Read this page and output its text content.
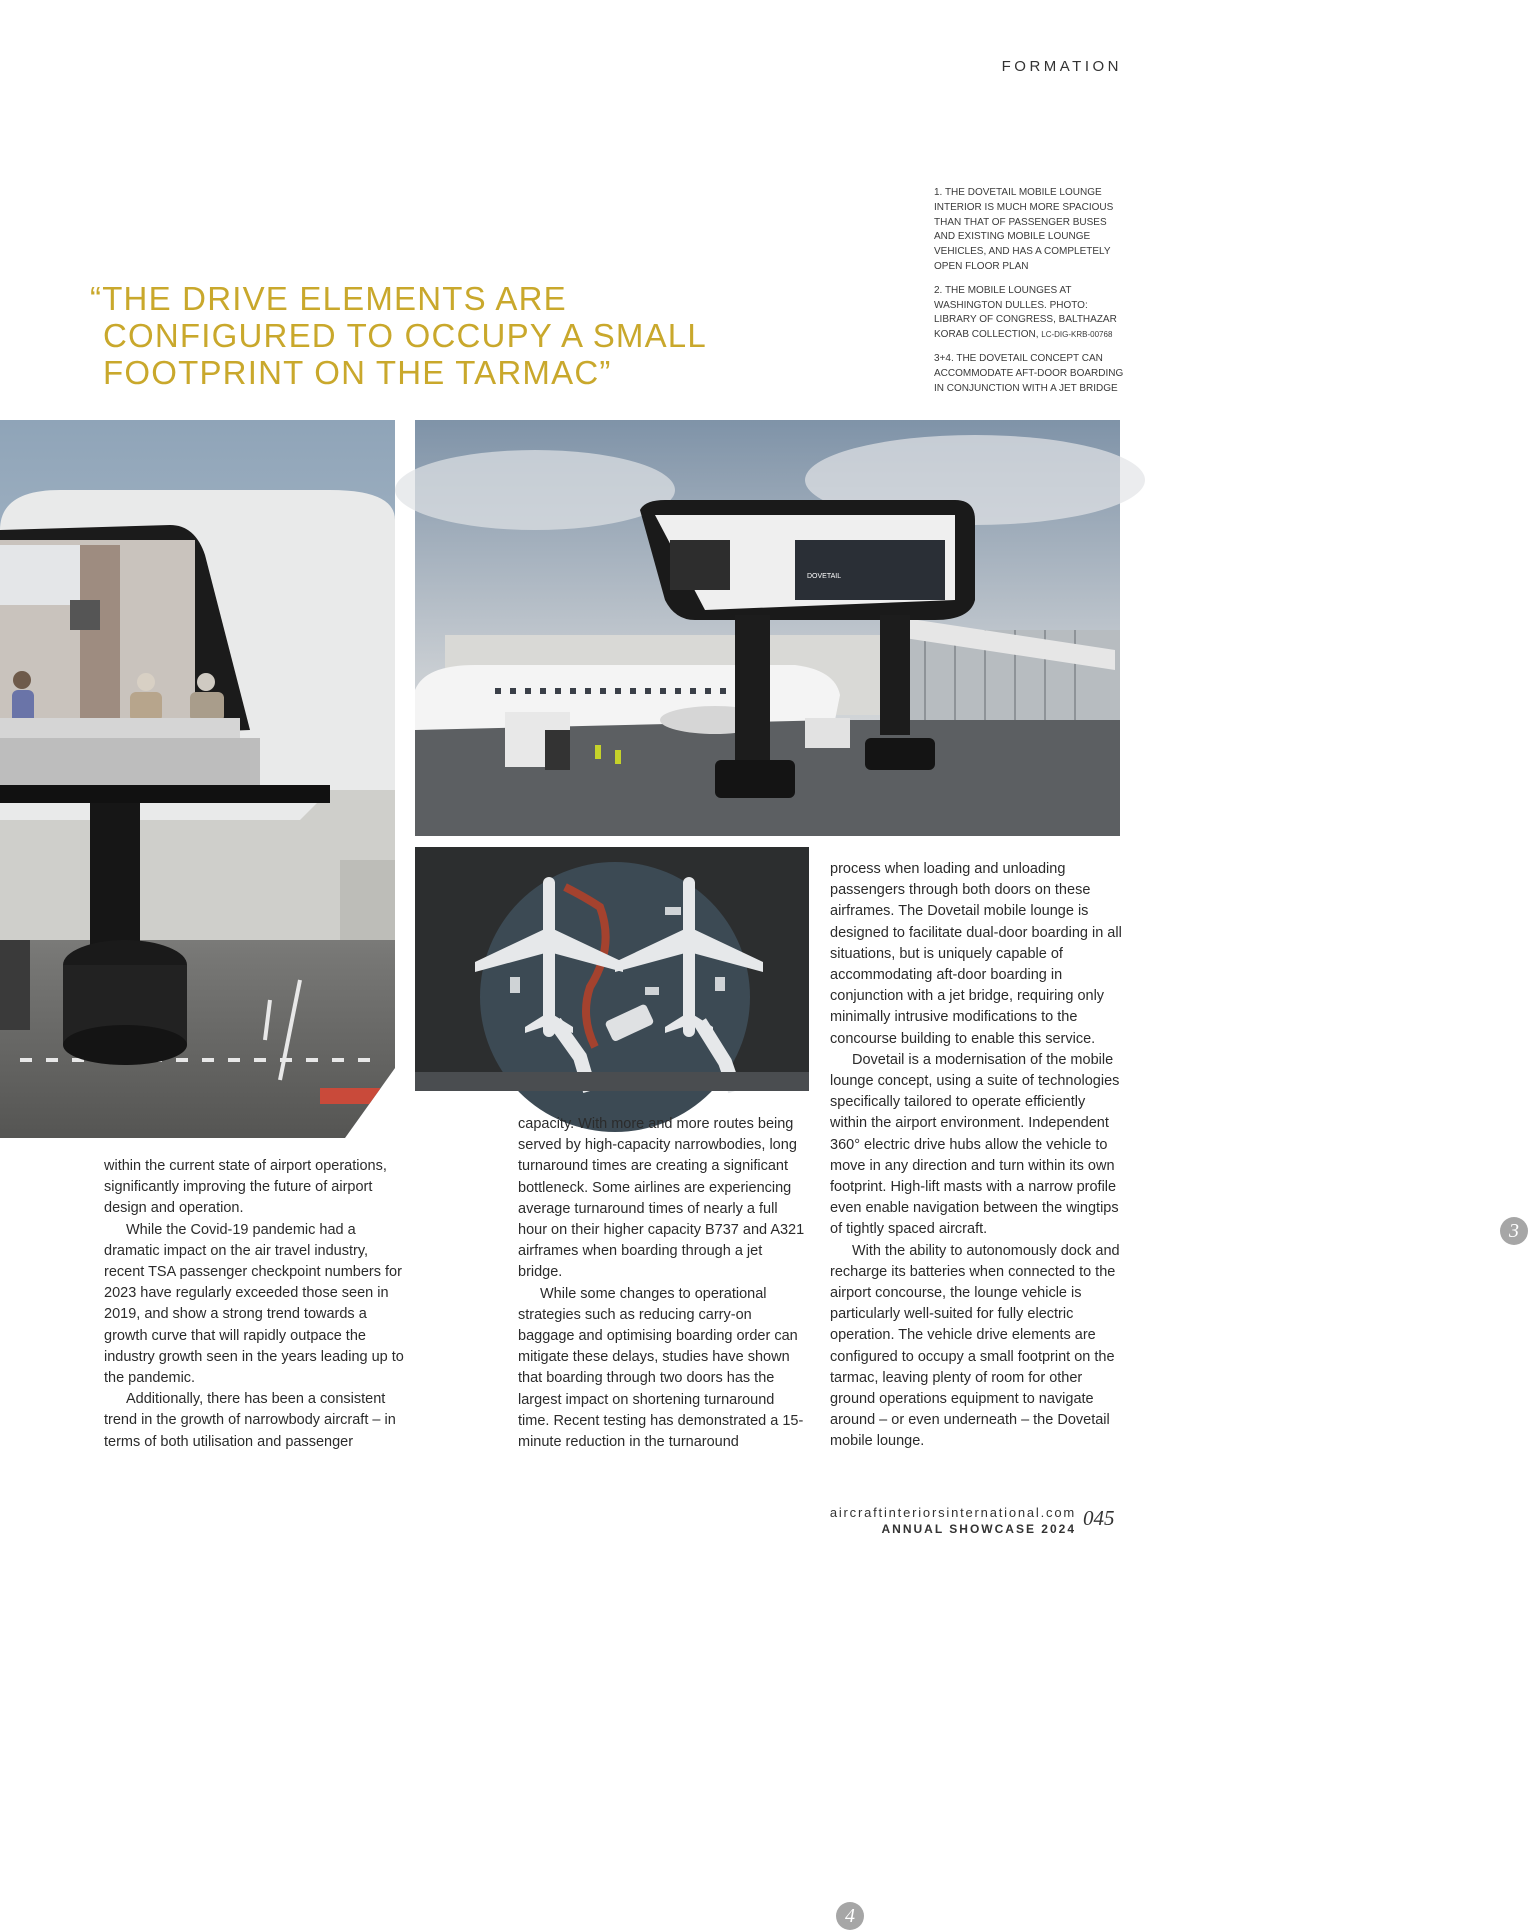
FORMATION

1. THE DOVETAIL MOBILE LOUNGE INTERIOR IS MUCH MORE SPACIOUS THAN THAT OF PASSENGER BUSES AND EXISTING MOBILE LOUNGE VEHICLES, AND HAS A COMPLETELY OPEN FLOOR PLAN

2. THE MOBILE LOUNGES AT WASHINGTON DULLES. PHOTO: LIBRARY OF CONGRESS, BALTHAZAR KORAB COLLECTION, LC-DIG-KRB-00768

3+4. THE DOVETAIL CONCEPT CAN ACCOMMODATE AFT-DOOR BOARDING IN CONJUNCTION WITH A JET BRIDGE

“THE DRIVE ELEMENTS ARE
CONFIGURED TO OCCUPY A SMALL
FOOTPRINT ON THE TARMAC”
DOVETAIL
3
4

within the current state of airport operations, significantly improving the future of airport design and operation.

While the Covid-19 pandemic had a dramatic impact on the air travel industry, recent TSA passenger checkpoint numbers for 2023 have regularly exceeded those seen in 2019, and show a strong trend towards a growth curve that will rapidly outpace the industry growth seen in the years leading up to the pandemic.

Additionally, there has been a consistent trend in the growth of narrowbody aircraft – in terms of both utilisation and passenger

capacity. With more and more routes being served by high-capacity narrowbodies, long turnaround times are creating a significant bottleneck. Some airlines are experiencing average turnaround times of nearly a full hour on their higher capacity B737 and A321 airframes when boarding through a jet bridge.

While some changes to operational strategies such as reducing carry-on baggage and optimising boarding order can mitigate these delays, studies have shown that boarding through two doors has the largest impact on shortening turnaround time. Recent testing has demonstrated a 15-minute reduction in the turnaround

process when loading and unloading passengers through both doors on these airframes. The Dovetail mobile lounge is designed to facilitate dual-door boarding in all situations, but is uniquely capable of accommodating aft-door boarding in conjunction with a jet bridge, requiring only minimally intrusive modifications to the concourse building to enable this service.

Dovetail is a modernisation of the mobile lounge concept, using a suite of technologies specifically tailored to operate efficiently within the airport environment. Independent 360° electric drive hubs allow the vehicle to move in any direction and turn within its own footprint. High-lift masts with a narrow profile even enable navigation between the wingtips of tightly spaced aircraft.

With the ability to autonomously dock and recharge its batteries when connected to the airport concourse, the lounge vehicle is particularly well-suited for fully electric operation. The vehicle drive elements are configured to occupy a small footprint on the tarmac, leaving plenty of room for other ground operations equipment to navigate around – or even underneath – the Dovetail mobile lounge.

aircraftinteriorsinternational.com
ANNUAL SHOWCASE 2024 045
